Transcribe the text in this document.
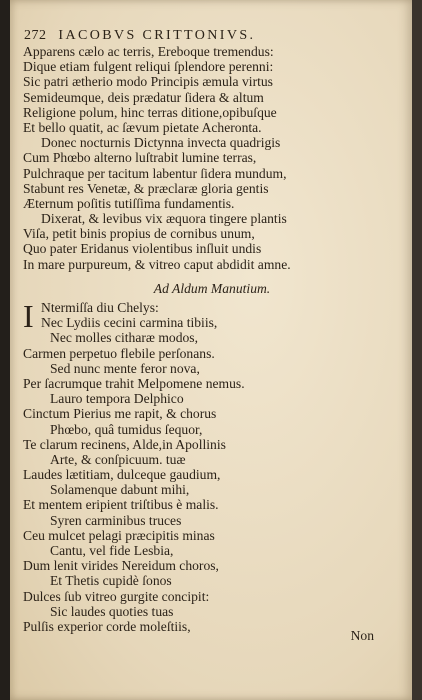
272 IACOBVS CRITTONIVS.
Apparens cælo ac terris, Ereboque tremendus:
Dique etiam fulgent reliqui ſplendore perenni:
Sic patri ætherio modo Principis æmula virtus
Semideumque, deis prædatur ſidera & altum
Religione polum, hinc terras ditione,opibuſque
Et bello quatit, ac ſævum pietate Acheronta.
Donec nocturnis Dictynna invecta quadrigis
Cum Phœbo alterno luſtrabit lumine terras,
Pulchraque per tacitum labentur ſidera mundum,
Stabunt res Venetæ, & præclaræ gloria gentis
Æternum poſitis tutiſſima fundamentis.
Dixerat, & levibus vix æquora tingere plantis
Viſa, petit binis propius de cornibus unum,
Quo pater Eridanus violentibus inſluit undis
In mare purpureum, & vitreo caput abdidit amne.
Ad Aldum Manutium.
I Ntermiſſa diu Chelys:
Nec Lydiis cecini carmina tibiis,
Nec molles citharæ modos,
Carmen perpetuo flebile perſonans.
Sed nunc mente feror nova,
Per ſacrumque trahit Melpomene nemus.
Lauro tempora Delphico
Cinctum Pierius me rapit, & chorus
Phœbo, quâ tumidus ſequor,
Te clarum recinens, Alde,in Apollinis
Arte, & conſpicuum. tuæ
Laudes lætitiam, dulceque gaudium,
Solamenque dabunt mihi,
Et mentem eripient triſtibus è malis.
Syren carminibus truces
Ceu mulcet pelagi præcipitis minas
Cantu, vel fide Lesbia,
Dum lenit virides Nereidum choros,
Et Thetis cupidè ſonos
Dulces ſub vitreo gurgite concipit:
Sic laudes quoties tuas
Pulſis experior corde moleſtiis,
Non
